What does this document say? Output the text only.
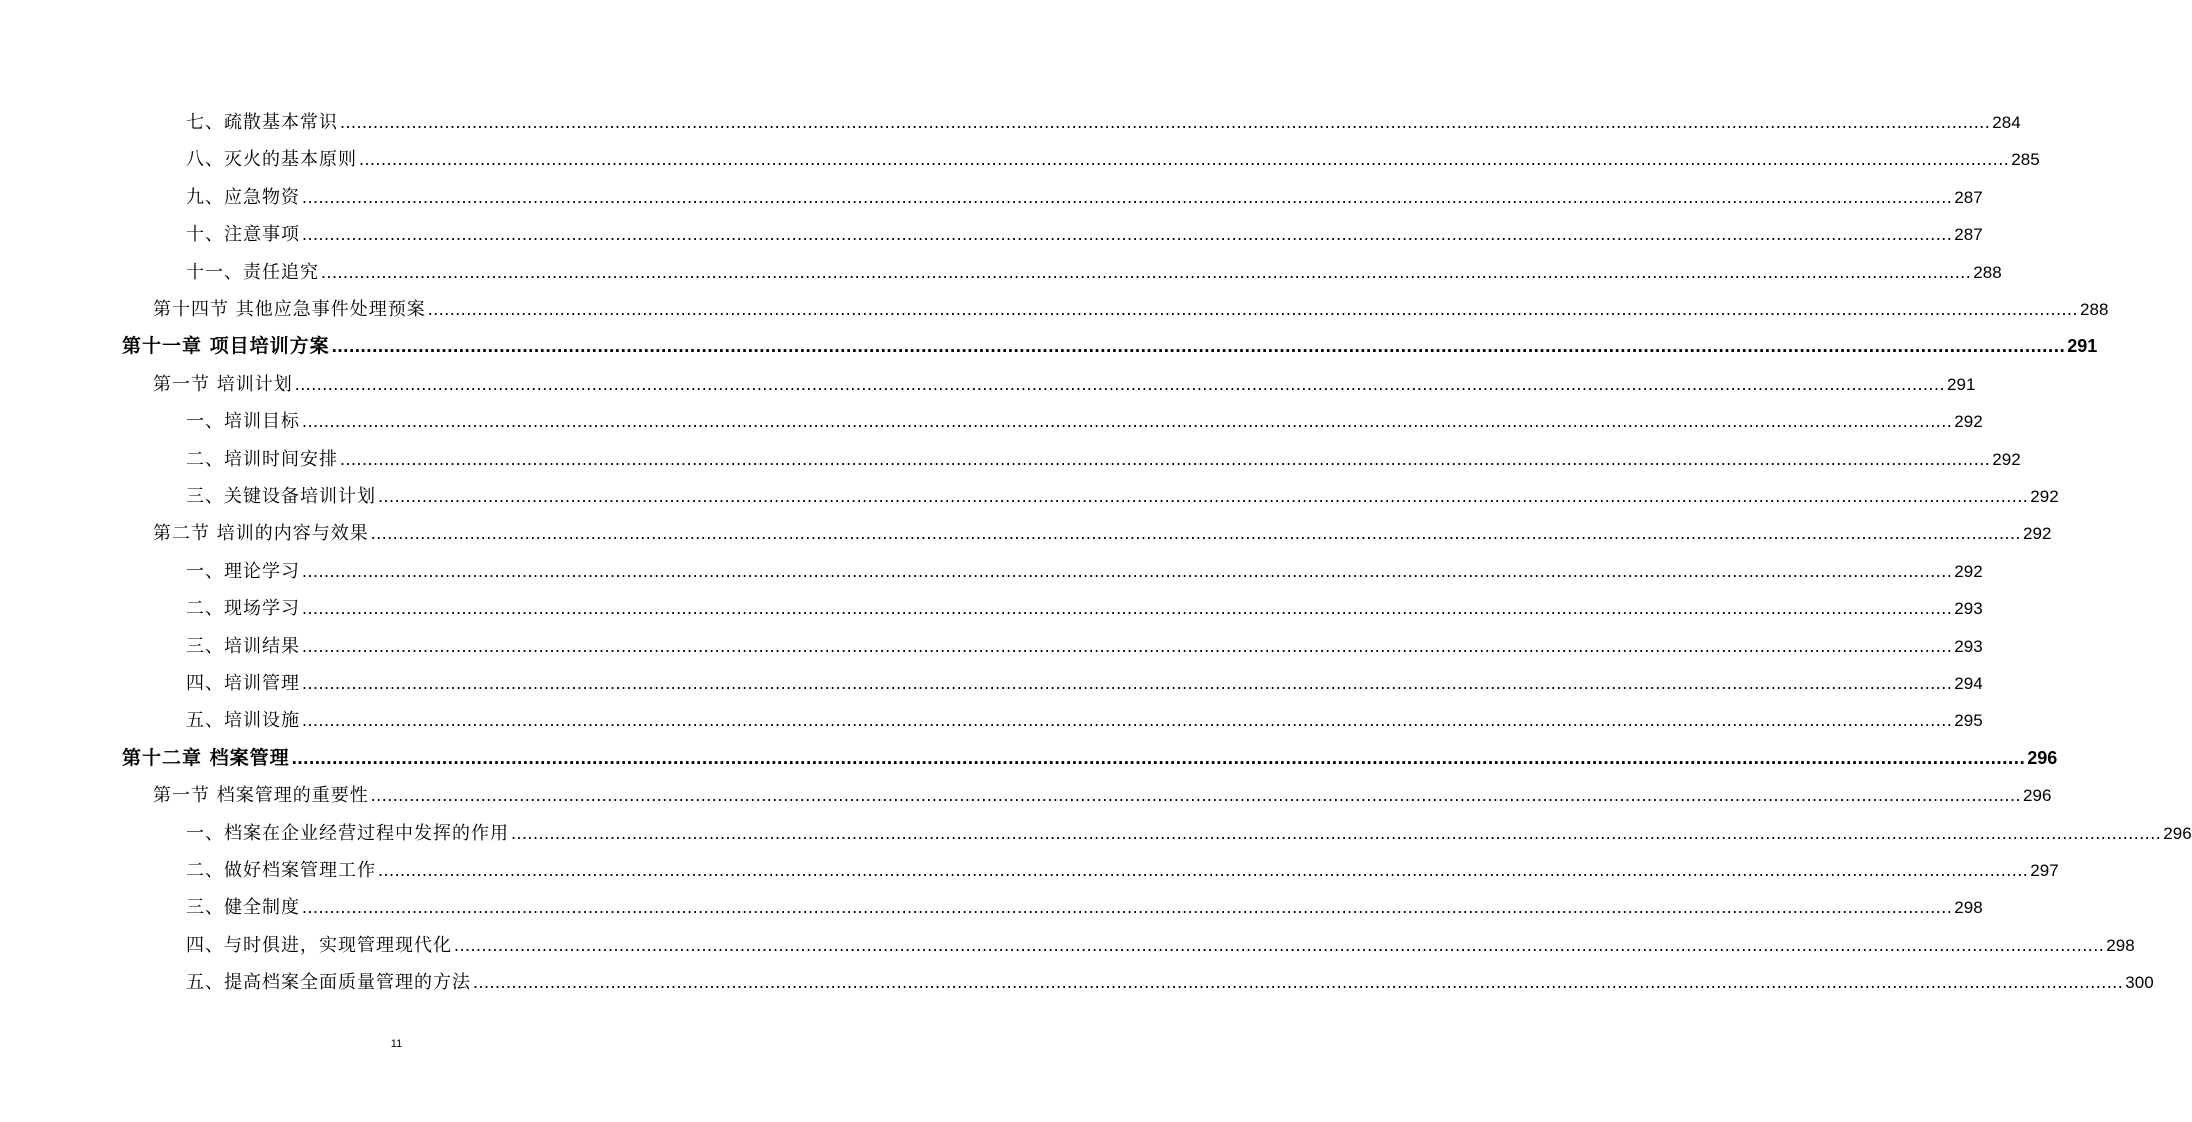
七、疏散基本常识 ............................................................................................................................................................................................................................................................................................................ 284
八、灭火的基本原则 ............................................................................................................................................................................................................................................................................................................ 285
九、应急物资 ............................................................................................................................................................................................................................................................................................................ 287
十、注意事项 ............................................................................................................................................................................................................................................................................................................ 287
十一、责任追究 ............................................................................................................................................................................................................................................................................................................ 288
第十四节 其他应急事件处理预案 ............................................................................................................................................................................................................................................................................................................ 288
第十一章 项目培训方案 ............................................................................................................................................................................................................................................................................................................ 291
第一节 培训计划 ............................................................................................................................................................................................................................................................................................................ 291
一、培训目标 ............................................................................................................................................................................................................................................................................................................ 292
二、培训时间安排 ............................................................................................................................................................................................................................................................................................................ 292
三、关键设备培训计划 ............................................................................................................................................................................................................................................................................................................ 292
第二节 培训的内容与效果 ............................................................................................................................................................................................................................................................................................................ 292
一、理论学习 ............................................................................................................................................................................................................................................................................................................ 292
二、现场学习 ............................................................................................................................................................................................................................................................................................................ 293
三、培训结果 ............................................................................................................................................................................................................................................................................................................ 293
四、培训管理 ............................................................................................................................................................................................................................................................................................................ 294
五、培训设施 ............................................................................................................................................................................................................................................................................................................ 295
第十二章 档案管理 ............................................................................................................................................................................................................................................................................................................ 296
第一节 档案管理的重要性 ............................................................................................................................................................................................................................................................................................................ 296
一、档案在企业经营过程中发挥的作用 ............................................................................................................................................................................................................................................................................................................ 296
二、做好档案管理工作 ............................................................................................................................................................................................................................................................................................................ 297
三、健全制度 ............................................................................................................................................................................................................................................................................................................ 298
四、与时俱进，实现管理现代化 ............................................................................................................................................................................................................................................................................................................ 298
五、提高档案全面质量管理的方法 ............................................................................................................................................................................................................................................................................................................ 300
11
